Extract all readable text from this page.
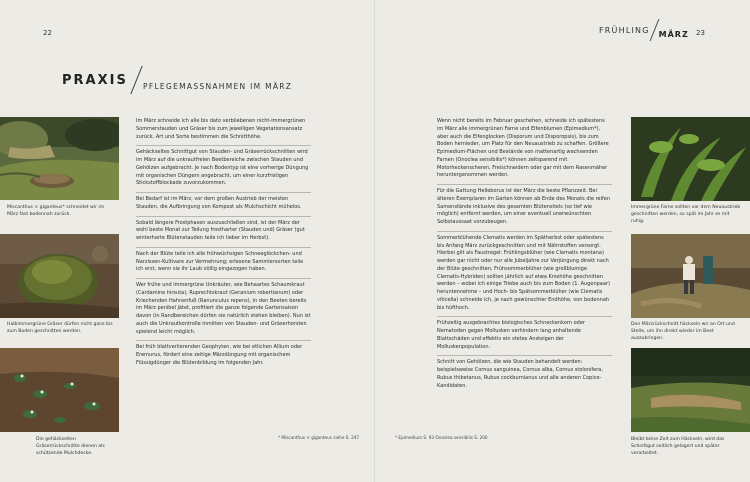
22	23
FRÜHLING MÄRZ
PRAXIS PFLEGEMASSNAHMEN IM MÄRZ
Miscanthus × giganteus* schneidet wir im März fast bodennah zurück.
Halbimmergrüne Gräser dürfen nicht ganz bis zum Boden geschnitten werden.
Die gehäckselten Gräserrückschnitte dienen als schützende Mulchdecke.

Im März schneide ich alle bis dato verbliebenen nicht-immergrünen Sommerstauden und Gräser bis zum jeweiligen Vegetationsansatz zurück. Art und Sorte bestimmen die Schnitthöhe.

Gehäckseltes Schnittgut von Stauden- und Gräserrückschnitten wird im März auf die unkrautfreien Beetbereiche zwischen Stauden und Gehölzen aufgebracht. Je nach Bodentyp ist eine vorherige Düngung mit organischen Düngern angebracht, um einer kurzfristigen Stickstoffblockade zuvorzukommen.

Bei Bedarf ist im März, vor dem großen Austrieb der meisten Stauden, die Aufbringung von Kompost als Mulchschicht mühelos.

Sobald längere Frostphasen auszuschließen sind, ist der März der wohl beste Monat zur Teilung frostharter (Stauden und) Gräser (gut winterharte Blütenstauden teile ich lieber im Herbst).

Nach der Blüte teile ich alle frühwüchsigen Schneeglöckchen- und Narzissen-Kultivare zur Vermehrung; erlesene Sammlersorten teile ich erst, wenn sie ihr Laub völlig eingezogen haben.

Wer frühe und immergrüne Unkräuter, wie Behaartes Schaumkraut (Cardamine hirsuta), Ruprechtskraut (Geranium robertianum) oder Kriechenden Hahnenfuß (Ranunculus repens), in den Beeten bereits im März penibel jätet, profitiert die ganze folgende Gartensaison davon (in Randbereichen dürfen sie natürlich stehen bleiben). Nun ist auch die Unkrautkontrolle inmitten von Stauden- und Gräserhorsten spielend leicht möglich.

Bei früh blattverlierenden Geophyten, wie bei etlichen Allium oder Eremurus, fördert eine zeitige Märzdüngung mit organischem Flüssigdünger die Blütenbildung im folgenden Jahr.

Wenn nicht bereits im Februar geschehen, schneide ich spätestens im März alle immergrünen Farne und Elfenblumen (Epimedium*), aber auch die Elfenglocken (Disporum und Disporopsis), bis zum Boden hernieder, um Platz für den Neuaustrieb zu schaffen. Größere Epimedium-Flächen und Bestände von mattenartig wachsenden Farnen (Onoclea sensibilis*) können zeitsparend mit Motorheckenscheren, Freischneidern oder gar mit dem Rasenmäher heruntergenommen werden.

Für die Gattung Helleborus ist der März die beste Pflanzzeit. Bei älteren Exemplaren im Garten können ab Ende des Monats die reifen Samenstände inklusive des gesamten Blütenstiels (so tief wie möglich) entfernt werden, um einer eventuell unerwünschten Selbstaussaat vorzubeugen.

Sommerblühende Clematis werden im Spätherbst oder spätestens bis Anfang März zurückgeschnitten und mit Nährstoffen versorgt. Hierbei gilt als Faustregel: Frühlingsblüher (wie Clematis montana) werden gar nicht oder nur alle Jubeljahre zur Verjüngung direkt nach der Blüte geschnitten, Frühsommerblüher (wie großblumige Clematis-Hybriden) sollten jährlich auf etwa Kniehöhe geschnitten werden – wobei ich einige Triebe auch bis zum Boden (1. Augenpaar) heruntennehme – und Hoch- bis Spätsommerblüher (wie Clematis viticella) schneide ich, je nach gewünschter Endhöhe, von bodennah bis hüfthoch.

Frühzeitig ausgebrachtes biologisches Schneckenkorn oder Nematoden gegen Mollusken verhindern lang anhaltende Blattschäden und effektiv ein stetes Ansteigen der Molluskenpopulation.

Schnitt von Gehölzen, die wie Stauden behandelt werden: beispielsweise Cornus sanguinea, Cornus alba, Cornus stolonifera, Rubus thibetanus, Rubus cockburnianus und alle anderen Copice-Kandidaten.

Immergrüne Farne sollten vor dem Neuaustrieb geschnitten werden, so spät im Jahr es mit ruhig.
Den Märzrückschnitt häckseln wir an Ort und Stelle, um ihn direkt wieder im Beet auszubringen.
Bleibt keine Zeit zum Häckseln, wird das Schnittgut seitlich gelagert und später verarbeitet.
* Miscanthus × giganteus siehe S. 247	* Epimedium S. 93 Onoclea sensibilis S. 200
